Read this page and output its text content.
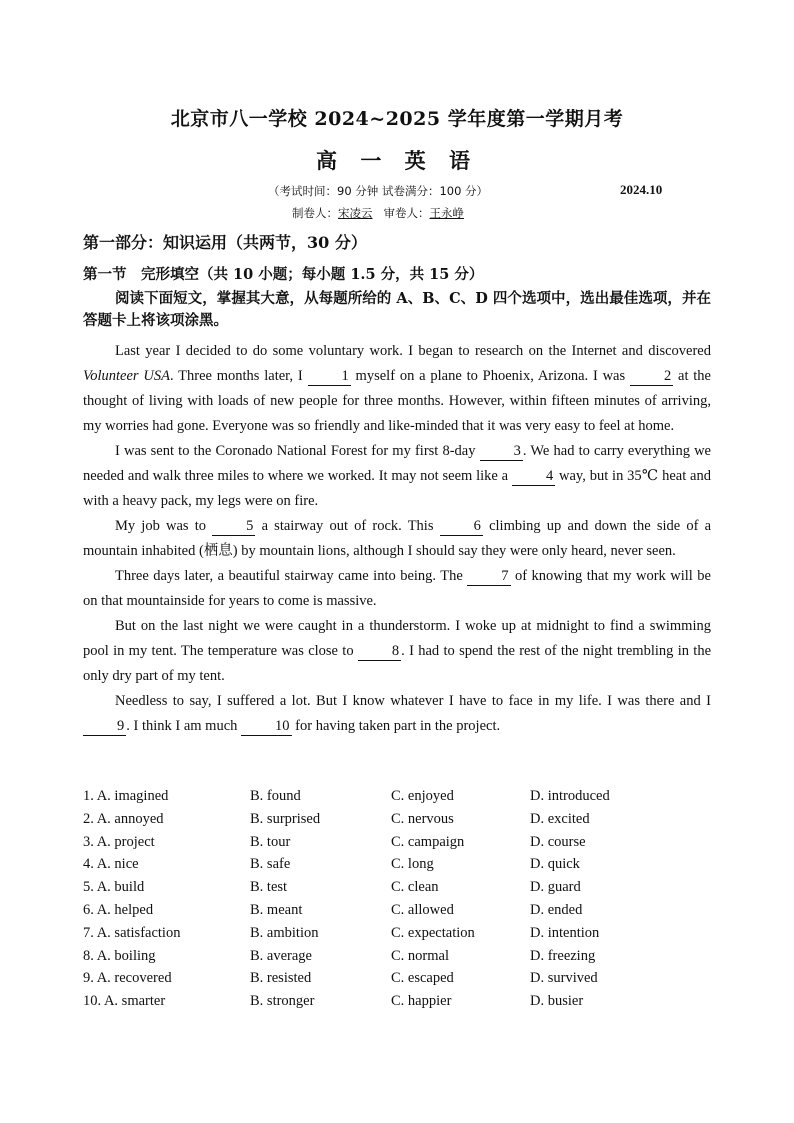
北京市八一学校 2024~2025 学年度第一学期月考
高 一 英 语
（考试时间：90 分钟 试卷满分：100 分）	2024.10
制卷人：宋凌云 审卷人：王永峥
第一部分：知识运用（共两节，30 分）
第一节　完形填空（共 10 小题；每小题 1.5 分，共 15 分）
阅读下面短文，掌握其大意，从每题所给的 A、B、C、D 四个选项中，选出最佳选项，并在答题卡上将该项涂黑。

Last year I decided to do some voluntary work. I began to research on the Internet and discovered Volunteer USA. Three months later, I 1 myself on a plane to Phoenix, Arizona. I was 2 at the thought of living with loads of new people for three months. However, within fifteen minutes of arriving, my worries had gone. Everyone was so friendly and like-minded that it was very easy to feel at home.

I was sent to the Coronado National Forest for my first 8-day 3 . We had to carry everything we needed and walk three miles to where we worked. It may not seem like a 4 way, but in 35℃ heat and with a heavy pack, my legs were on fire.

My job was to 5 a stairway out of rock. This 6 climbing up and down the side of a mountain inhabited (栖息) by mountain lions, although I should say they were only heard, never seen.

Three days later, a beautiful stairway came into being. The 7 of knowing that my work will be on that mountainside for years to come is massive.

But on the last night we were caught in a thunderstorm. I woke up at midnight to find a swimming pool in my tent. The temperature was close to 8 . I had to spend the rest of the night trembling in the only dry part of my tent.

Needless to say, I suffered a lot. But I know whatever I have to face in my life. I was there and I 9 . I think I am much 10 for having taken part in the project.

1. A. imagined	B. found	C. enjoyed	D. introduced
2. A. annoyed	B. surprised	C. nervous	D. excited
3. A. project	B. tour	C. campaign	D. course
4. A. nice	B. safe	C. long	D. quick
5. A. build	B. test	C. clean	D. guard
6. A. helped	B. meant	C. allowed	D. ended
7. A. satisfaction	B. ambition	C. expectation	D. intention
8. A. boiling	B. average	C. normal	D. freezing
9. A. recovered	B. resisted	C. escaped	D. survived
10. A. smarter	B. stronger	C. happier	D. busier
